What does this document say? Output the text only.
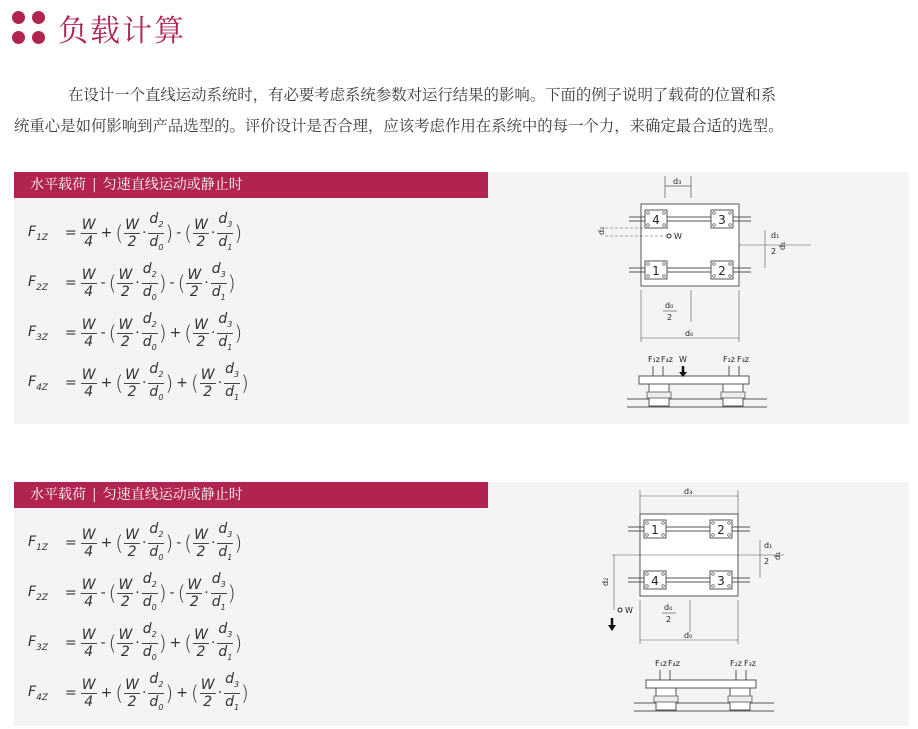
负载计算

在设计一个直线运动系统时，有必要考虑系统参数对运行结果的影响。下面的例子说明了载荷的位置和系

统重心是如何影响到产品选型的。评价设计是否合理，应该考虑作用在系统中的每一个力，来确定最合适的选型。

水平载荷 | 匀速直线运动或静止时
$F_{1Z}$	= $\frac{W}{4}$ + ( $\frac{W}{2} \cdot \frac{d_2}{d_0}$ ) - ( $\frac{W}{2} \cdot \frac{d_3}{d_1}$ )
$F_{2Z}$	= $\frac{W}{4}$ - ( $\frac{W}{2} \cdot \frac{d_2}{d_0}$ ) - ( $\frac{W}{2} \cdot \frac{d_3}{d_1}$ )
$F_{3Z}$	= $\frac{W}{4}$ - ( $\frac{W}{2} \cdot \frac{d_2}{d_0}$ ) + ( $\frac{W}{2} \cdot \frac{d_3}{d_1}$ )
$F_{4Z}$	= $\frac{W}{4}$ + ( $\frac{W}{2} \cdot \frac{d_2}{d_0}$ ) + ( $\frac{W}{2} \cdot \frac{d_3}{d_1}$ )
d₃
4	3
1	2
W
d₂
d₁
2
d₁
d₀
2
d₀
F₁z F₄z	F₂z F₃z
W
水平载荷 | 匀速直线运动或静止时
$F_{1Z}$	= $\frac{W}{4}$ + ( $\frac{W}{2} \cdot \frac{d_2}{d_0}$ ) - ( $\frac{W}{2} \cdot \frac{d_3}{d_1}$ )
$F_{2Z}$	= $\frac{W}{4}$ - ( $\frac{W}{2} \cdot \frac{d_2}{d_0}$ ) - ( $\frac{W}{2} \cdot \frac{d_3}{d_1}$ )
$F_{3Z}$	= $\frac{W}{4}$ - ( $\frac{W}{2} \cdot \frac{d_2}{d_0}$ ) + ( $\frac{W}{2} \cdot \frac{d_3}{d_1}$ )
$F_{4Z}$	= $\frac{W}{4}$ + ( $\frac{W}{2} \cdot \frac{d_2}{d_0}$ ) + ( $\frac{W}{2} \cdot \frac{d_3}{d_1}$ )
d₃
1	2
4	3
d₁
2
d₁
d₂
W	d₀
2
d₀
F₁z F₄z	F₂z F₃z
